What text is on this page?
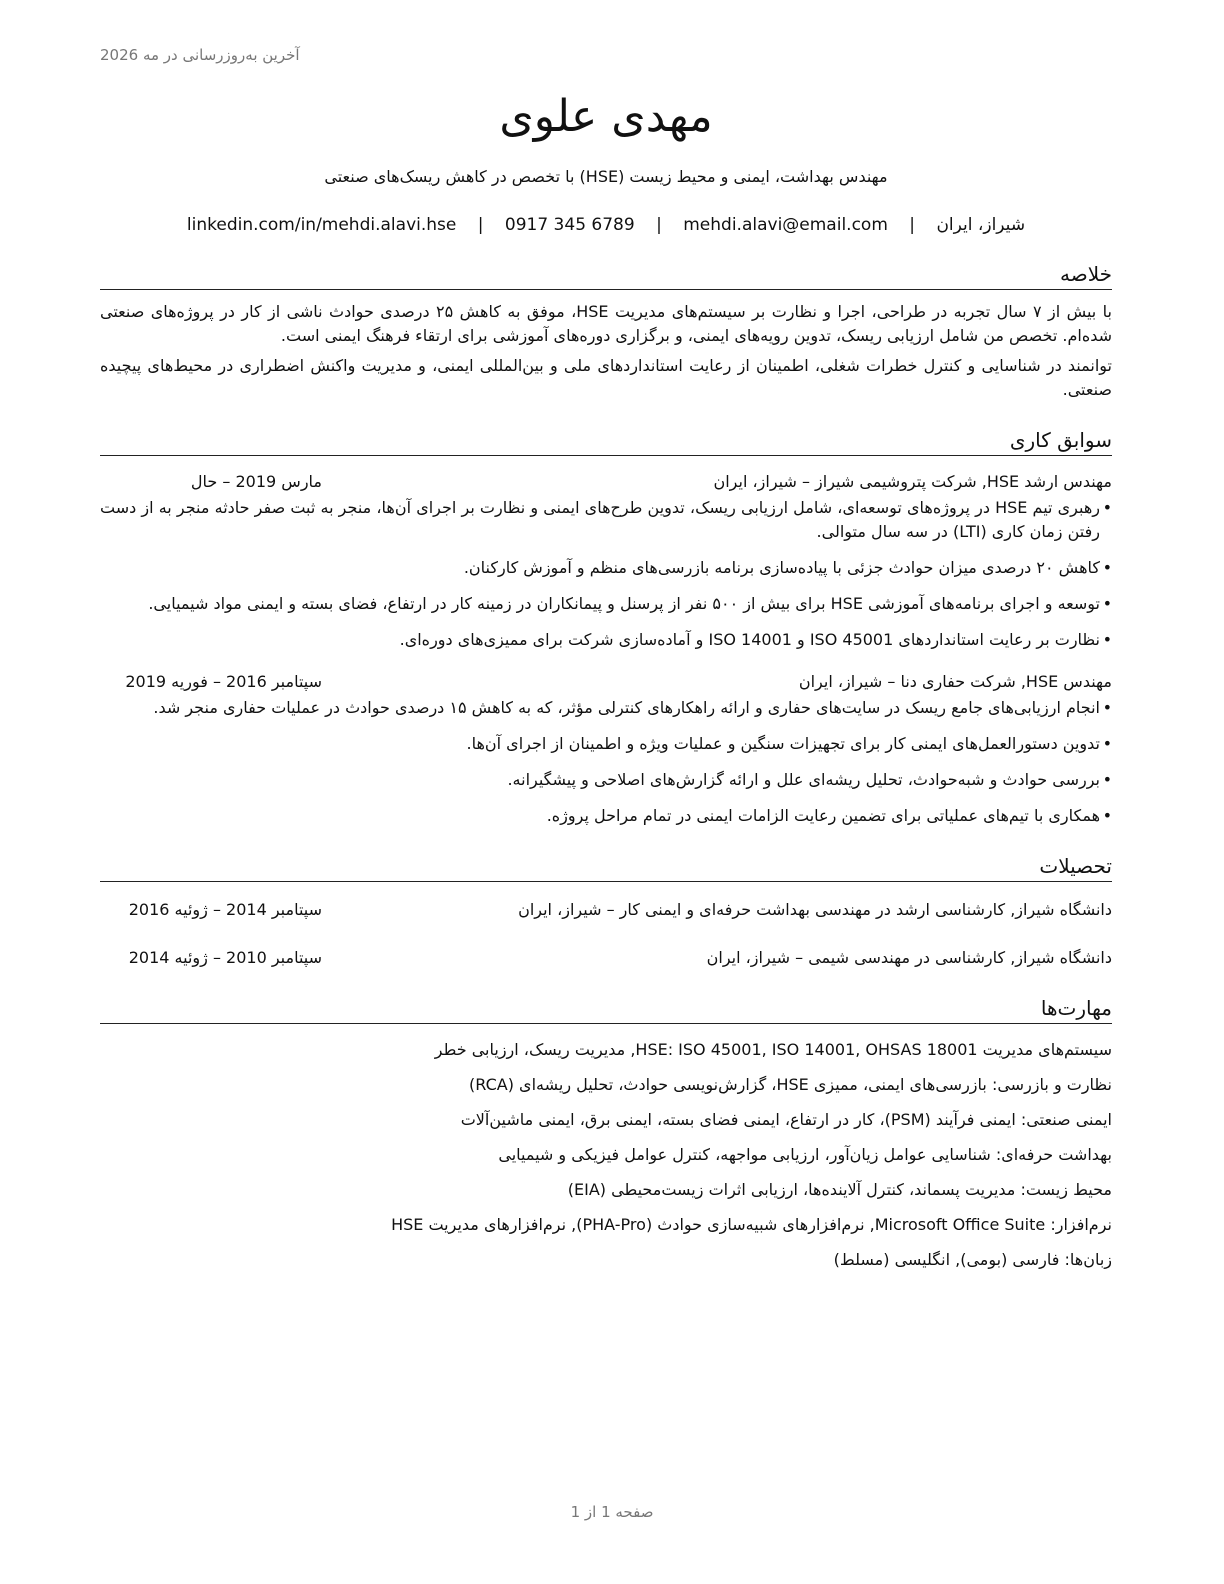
آخرین به‌روزرسانی در مه 2026
مهدی علوی
مهندس بهداشت، ایمنی و محیط زیست (HSE) با تخصص در کاهش ریسک‌های صنعتی
شیراز، ایران | mehdi.alavi@email.com | 0917 345 6789 | linkedin.com/in/mehdi.alavi.hse
خلاصه

با بیش از ۷ سال تجربه در طراحی، اجرا و نظارت بر سیستم‌های مدیریت HSE، موفق به کاهش ۲۵ درصدی حوادث ناشی از کار در پروژه‌های صنعتی شده‌ام. تخصص من شامل ارزیابی ریسک، تدوین رویه‌های ایمنی، و برگزاری دوره‌های آموزشی برای ارتقاء فرهنگ ایمنی است.

توانمند در شناسایی و کنترل خطرات شغلی، اطمینان از رعایت استانداردهای ملی و بین‌المللی ایمنی، و مدیریت واکنش اضطراری در محیط‌های پیچیده صنعتی.

سوابق کاری
مهندس ارشد HSE, شرکت پتروشیمی شیراز – شیراز، ایران
مارس 2019 – حال
• رهبری تیم HSE در پروژه‌های توسعه‌ای، شامل ارزیابی ریسک، تدوین طرح‌های ایمنی و نظارت بر اجرای آن‌ها، منجر به ثبت صفر حادثه منجر به از دست رفتن زمان کاری (LTI) در سه سال متوالی.
• کاهش ۲۰ درصدی میزان حوادث جزئی با پیاده‌سازی برنامه بازرسی‌های منظم و آموزش کارکنان.
• توسعه و اجرای برنامه‌های آموزشی HSE برای بیش از ۵۰۰ نفر از پرسنل و پیمانکاران در زمینه کار در ارتفاع، فضای بسته و ایمنی مواد شیمیایی.
• نظارت بر رعایت استانداردهای ISO 45001 و ISO 14001 و آماده‌سازی شرکت برای ممیزی‌های دوره‌ای.
مهندس HSE, شرکت حفاری دنا – شیراز، ایران
سپتامبر 2016 – فوریه 2019
• انجام ارزیابی‌های جامع ریسک در سایت‌های حفاری و ارائه راهکارهای کنترلی مؤثر، که به کاهش ۱۵ درصدی حوادث در عملیات حفاری منجر شد.
• تدوین دستورالعمل‌های ایمنی کار برای تجهیزات سنگین و عملیات ویژه و اطمینان از اجرای آن‌ها.
• بررسی حوادث و شبه‌حوادث، تحلیل ریشه‌ای علل و ارائه گزارش‌های اصلاحی و پیشگیرانه.
• همکاری با تیم‌های عملیاتی برای تضمین رعایت الزامات ایمنی در تمام مراحل پروژه.
تحصیلات
دانشگاه شیراز, کارشناسی ارشد در مهندسی بهداشت حرفه‌ای و ایمنی کار – شیراز، ایران
سپتامبر 2014 – ژوئیه 2016
دانشگاه شیراز, کارشناسی در مهندسی شیمی – شیراز، ایران
سپتامبر 2010 – ژوئیه 2014
مهارت‌ها
سیستم‌های مدیریت HSE: ISO 45001, ISO 14001, OHSAS 18001, مدیریت ریسک، ارزیابی خطر
نظارت و بازرسی: بازرسی‌های ایمنی، ممیزی HSE، گزارش‌نویسی حوادث، تحلیل ریشه‌ای (RCA)
ایمنی صنعتی: ایمنی فرآیند (PSM)، کار در ارتفاع، ایمنی فضای بسته، ایمنی برق، ایمنی ماشین‌آلات
بهداشت حرفه‌ای: شناسایی عوامل زیان‌آور، ارزیابی مواجهه، کنترل عوامل فیزیکی و شیمیایی
محیط زیست: مدیریت پسماند، کنترل آلاینده‌ها، ارزیابی اثرات زیست‌محیطی (EIA)
نرم‌افزار: Microsoft Office Suite, نرم‌افزارهای شبیه‌سازی حوادث (PHA-Pro), نرم‌افزارهای مدیریت HSE
زبان‌ها: فارسی (بومی), انگلیسی (مسلط)
صفحه 1 از 1
